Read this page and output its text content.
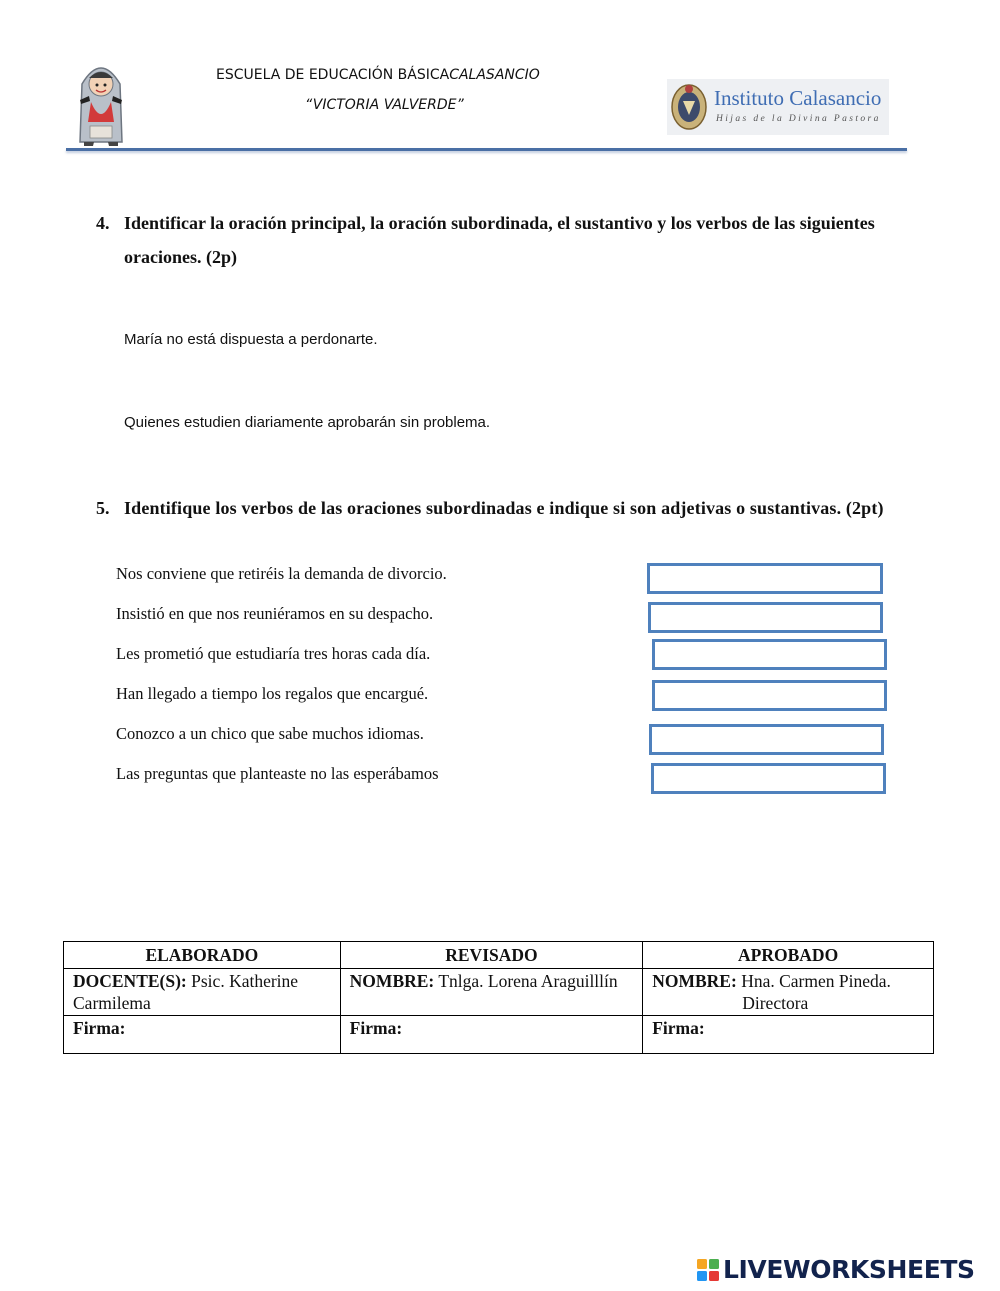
ESCUELA DE EDUCACIÓN BÁSICACALASANCIO
“VICTORIA VALVERDE”	Instituto Calasancio
Hijas de la Divina Pastora
4. Identificar la oración principal, la oración subordinada, el sustantivo y los verbos de las siguientes oraciones. (2p)
María no está dispuesta a perdonarte.
Quienes estudien diariamente aprobarán sin problema.
5. Identifique los verbos de las oraciones subordinadas e indique si son adjetivas o sustantivas. (2pt)
Nos conviene que retiréis la demanda de divorcio.
Insistió en que nos reuniéramos en su despacho.
Les prometió que estudiaría tres horas cada día.
Han llegado a tiempo los regalos que encargué.
Conozco a un chico que sabe muchos idiomas.
Las preguntas que planteaste no las esperábamos
ELABORADO	REVISADO	APROBADO
DOCENTE(S): Psic. Katherine Carmilema	NOMBRE: Tnlga. Lorena Araguilllín	NOMBRE: Hna. Carmen Pineda.

Directora

Firma:	Firma:	Firma:
LIVEWORKSHEETS
